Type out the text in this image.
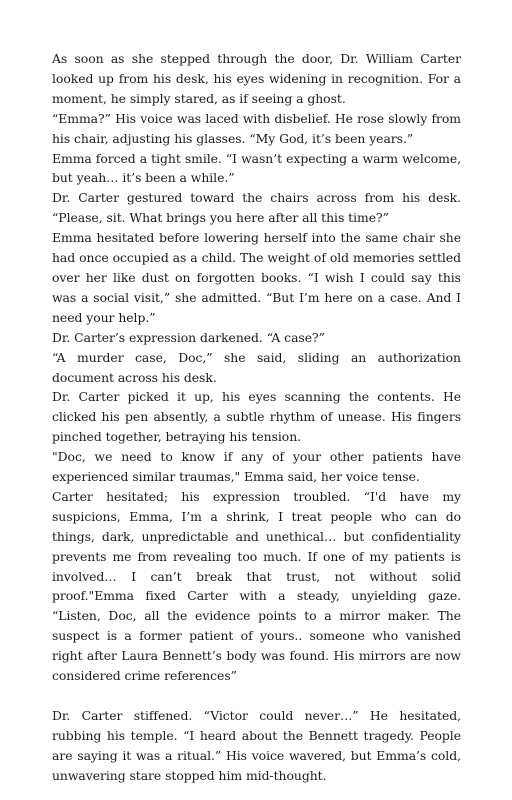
As soon as she stepped through the door, Dr. William Carter looked up from his desk, his eyes widening in recognition. For a moment, he simply stared, as if seeing a ghost.

“Emma?” His voice was laced with disbelief. He rose slowly from his chair, adjusting his glasses. “My God, it’s been years.”

Emma forced a tight smile. “I wasn’t expecting a warm welcome, but yeah… it’s been a while.”

Dr. Carter gestured toward the chairs across from his desk. “Please, sit. What brings you here after all this time?”

Emma hesitated before lowering herself into the same chair she had once occupied as a child. The weight of old memories settled over her like dust on forgotten books. “I wish I could say this was a social visit,” she admitted. “But I’m here on a case. And I need your help.”

Dr. Carter’s expression darkened. “A case?”

“A murder case, Doc,” she said, sliding an authorization document across his desk.

Dr. Carter picked it up, his eyes scanning the contents. He clicked his pen absently, a subtle rhythm of unease. His fingers pinched together, betraying his tension.

"Doc, we need to know if any of your other patients have experienced similar traumas," Emma said, her voice tense.

Carter hesitated; his expression troubled. “I'd have my suspicions, Emma, I’m a shrink, I treat people who can do things, dark, unpredictable and unethical… but confidentiality prevents me from revealing too much. If one of my patients is involved… I can’t break that trust, not without solid proof."Emma fixed Carter with a steady, unyielding gaze. “Listen, Doc, all the evidence points to a mirror maker. The suspect is a former patient of yours.. someone who vanished right after Laura Bennett’s body was found. His mirrors are now considered crime references”

Dr. Carter stiffened. “Victor could never…” He hesitated, rubbing his temple. “I heard about the Bennett tragedy. People are saying it was a ritual.” His voice wavered, but Emma’s cold, unwavering stare stopped him mid-thought.
